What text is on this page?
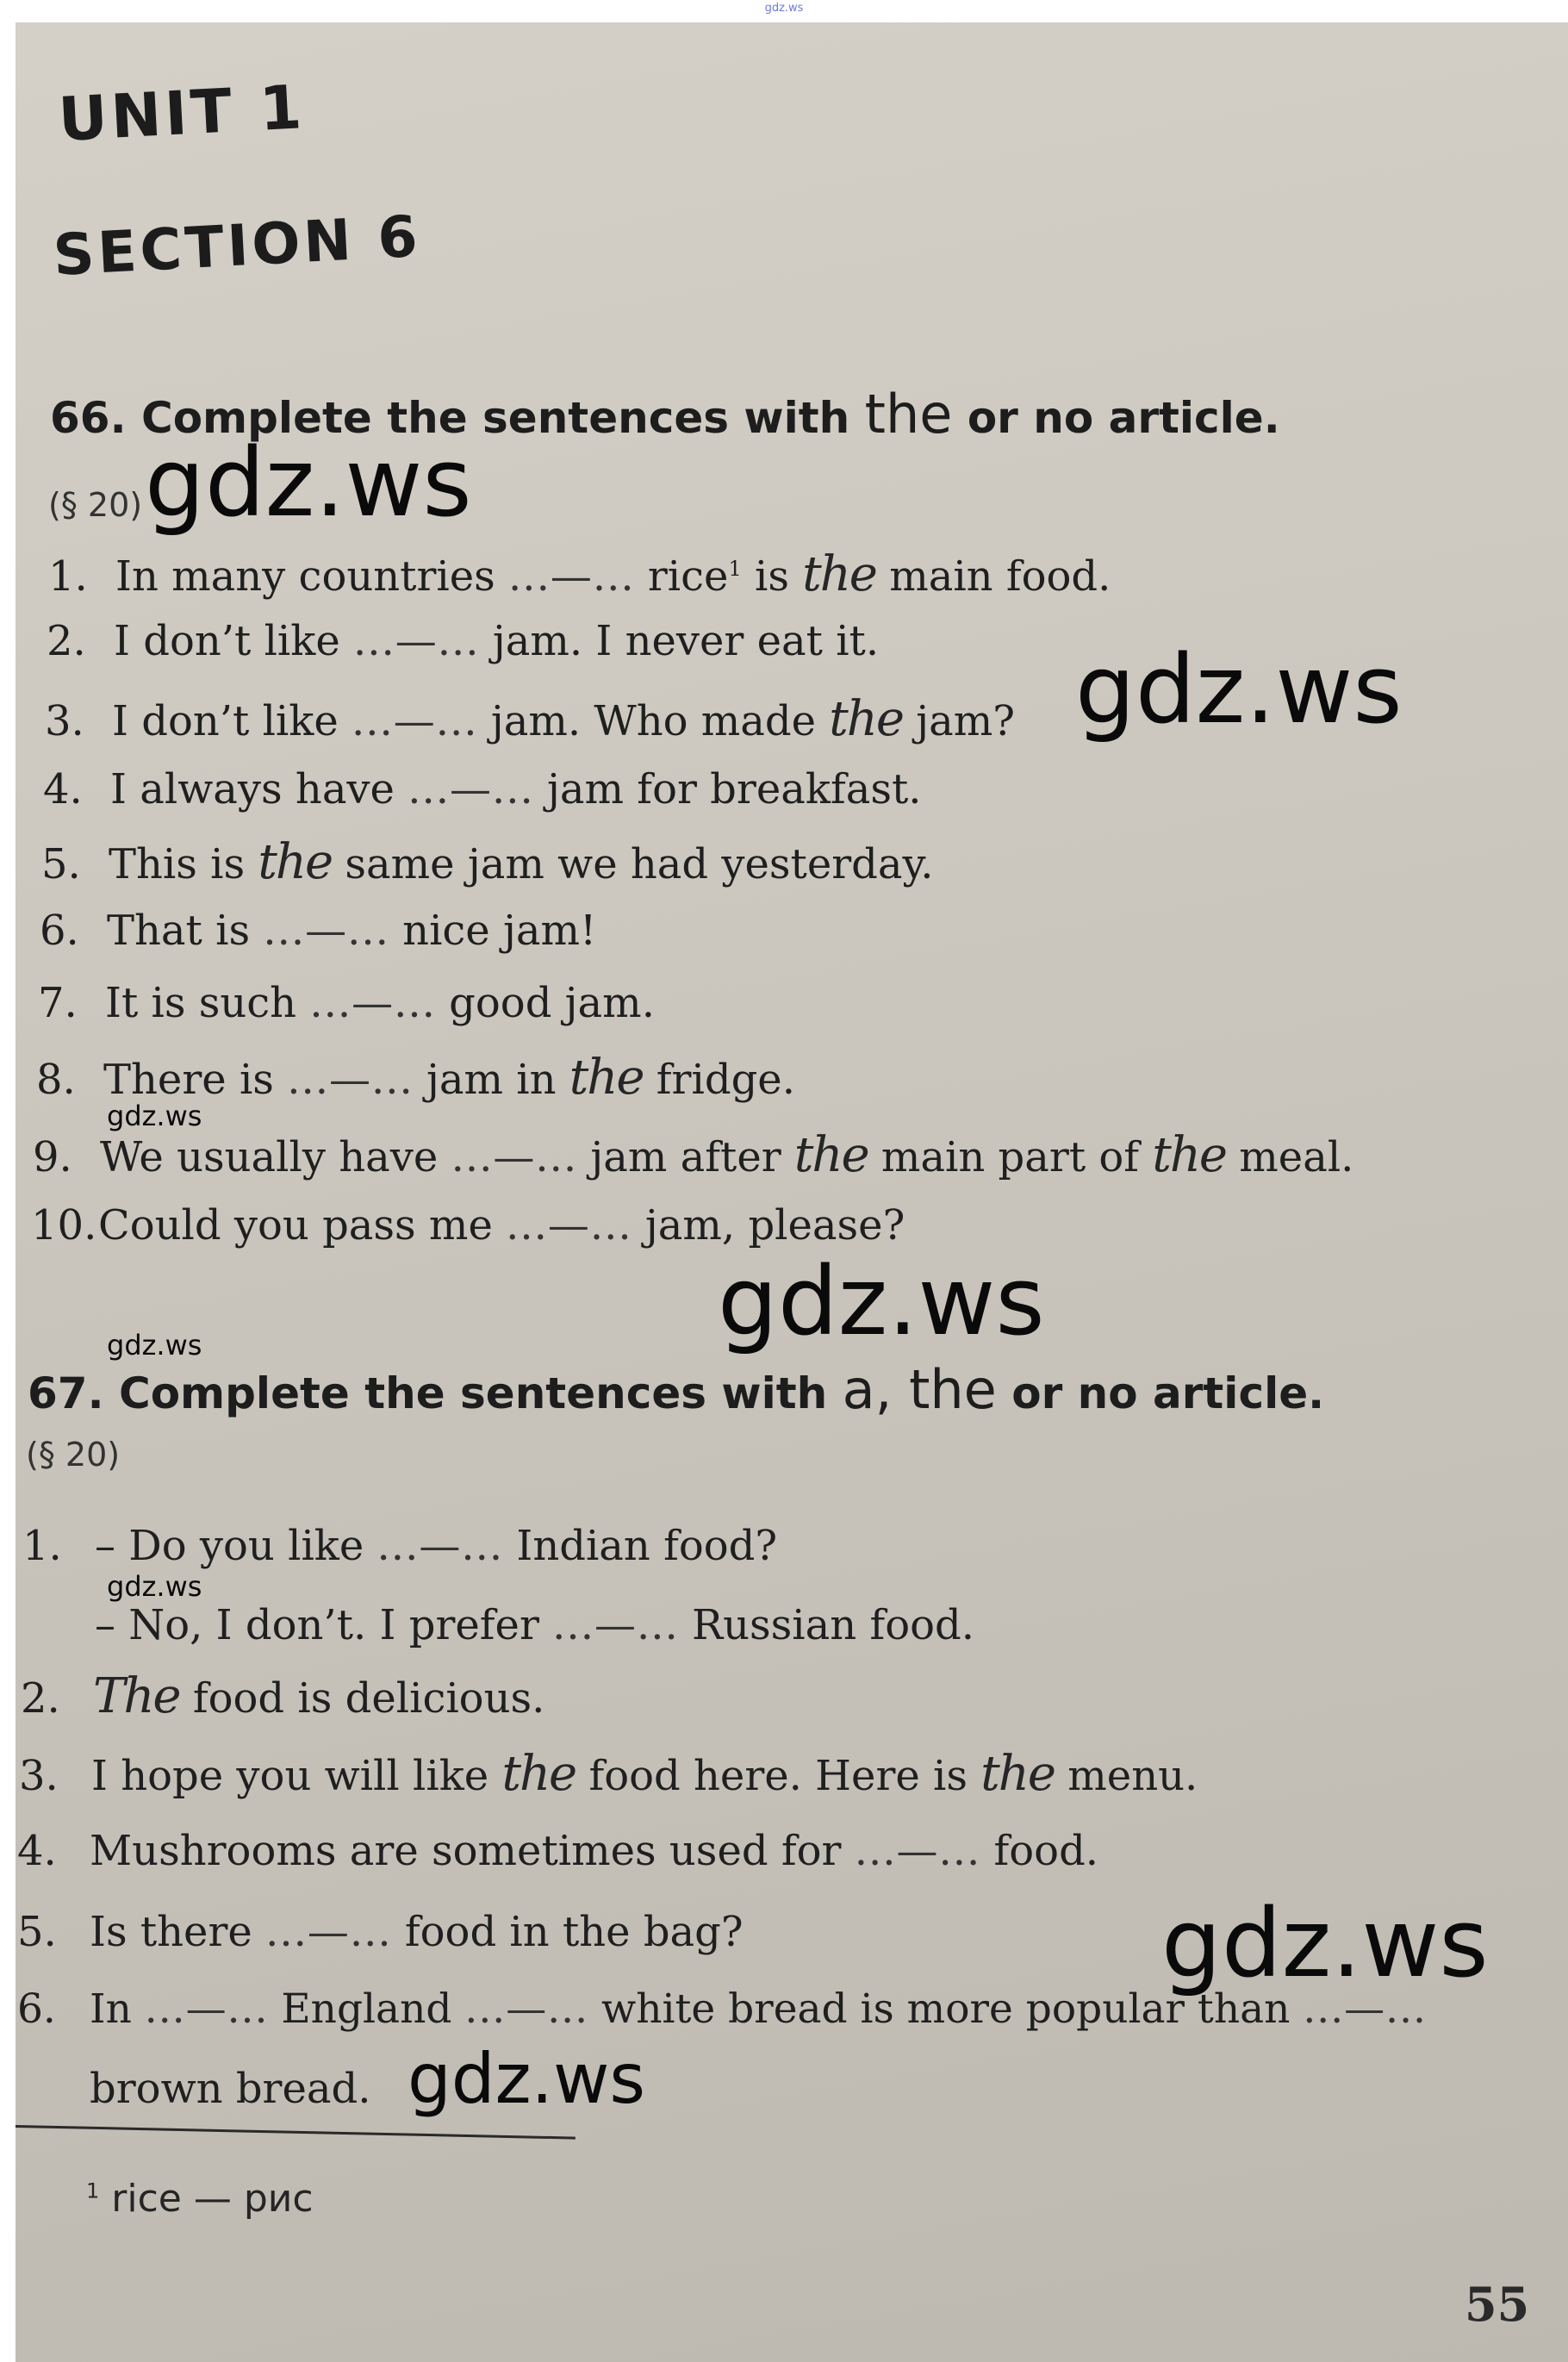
gdz.ws
UNIT 1
SECTION 6
66. Complete the sentences with the or no article.
(§ 20)
1. In many countries ...—... rice$^1$ is the main food.
2. I don’t like ...—... jam. I never eat it.
3. I don’t like ...—... jam. Who made the jam?
4. I always have ...—... jam for breakfast.
5. This is the same jam we had yesterday.
6. That is ...—... nice jam!
7. It is such ...—... good jam.
8. There is ...—... jam in the fridge.
9. We usually have ...—... jam after the main part of the meal.
10.Could you pass me ...—... jam, please?
67. Complete the sentences with a, the or no article.
(§ 20)
1. – Do you like ...—... Indian food?
– No, I don’t. I prefer ...—... Russian food.
2. The food is delicious.
3. I hope you will like the food here. Here is the menu.
4. Mushrooms are sometimes used for ...—... food.
5. Is there ...—... food in the bag?
6. In ...—... England ...—... white bread is more popular than ...—...
brown bread.
$^1$ rice — рис
55
gdz.ws
gdz.ws
gdz.ws
gdz.ws
gdz.ws
gdz.ws
gdz.ws
gdz.ws
